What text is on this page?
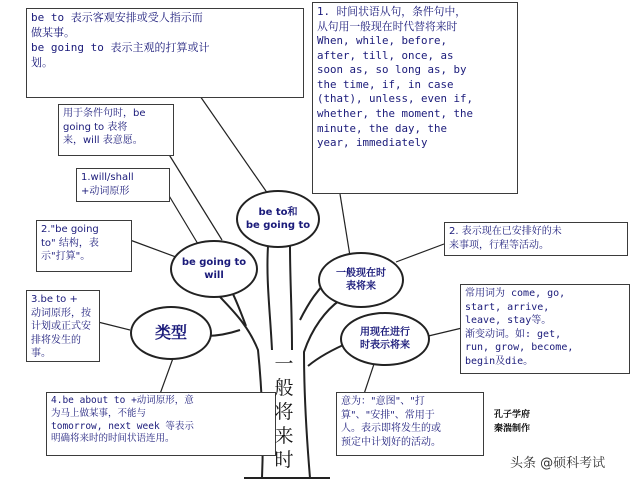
be to 表示客观安排或受人指示而
做某事。
be going to 表示主观的打算或计
划。
用于条件句时，be
going to 表将
来，will 表意愿。
1.will/shall
+动词原形
2."be going
to" 结构，表
示"打算"。
3.be to +
动词原形，按
计划或正式安
排将发生的
事。
4.be about to +动词原形，意
为马上做某事，不能与
tomorrow, next week 等表示
明确将来时的时间状语连用。
1. 时间状语从句，条件句中，
从句用一般现在时代替将来时
When, while, before,
after, till, once, as
soon as, so long as, by
the time, if, in case
(that), unless, even if,
whether, the moment, the
minute, the day, the
year, immediately
2. 表示现在已安排好的未
来事项，行程等活动。
常用词为 come, go,
start, arrive,
leave, stay等。
渐变动词。如: get,
run, grow, become,
begin及die。
意为："意图"、"打
算"、"安排"、常用于
人。表示即将发生的或
预定中计划好的活动。
be to和
be going to
be going to
will
类型
一般现在时
表将来
用现在进行
时表示将来
一
般
将
来
时
孔子学府
秦湍制作
头条 @硕科考试
